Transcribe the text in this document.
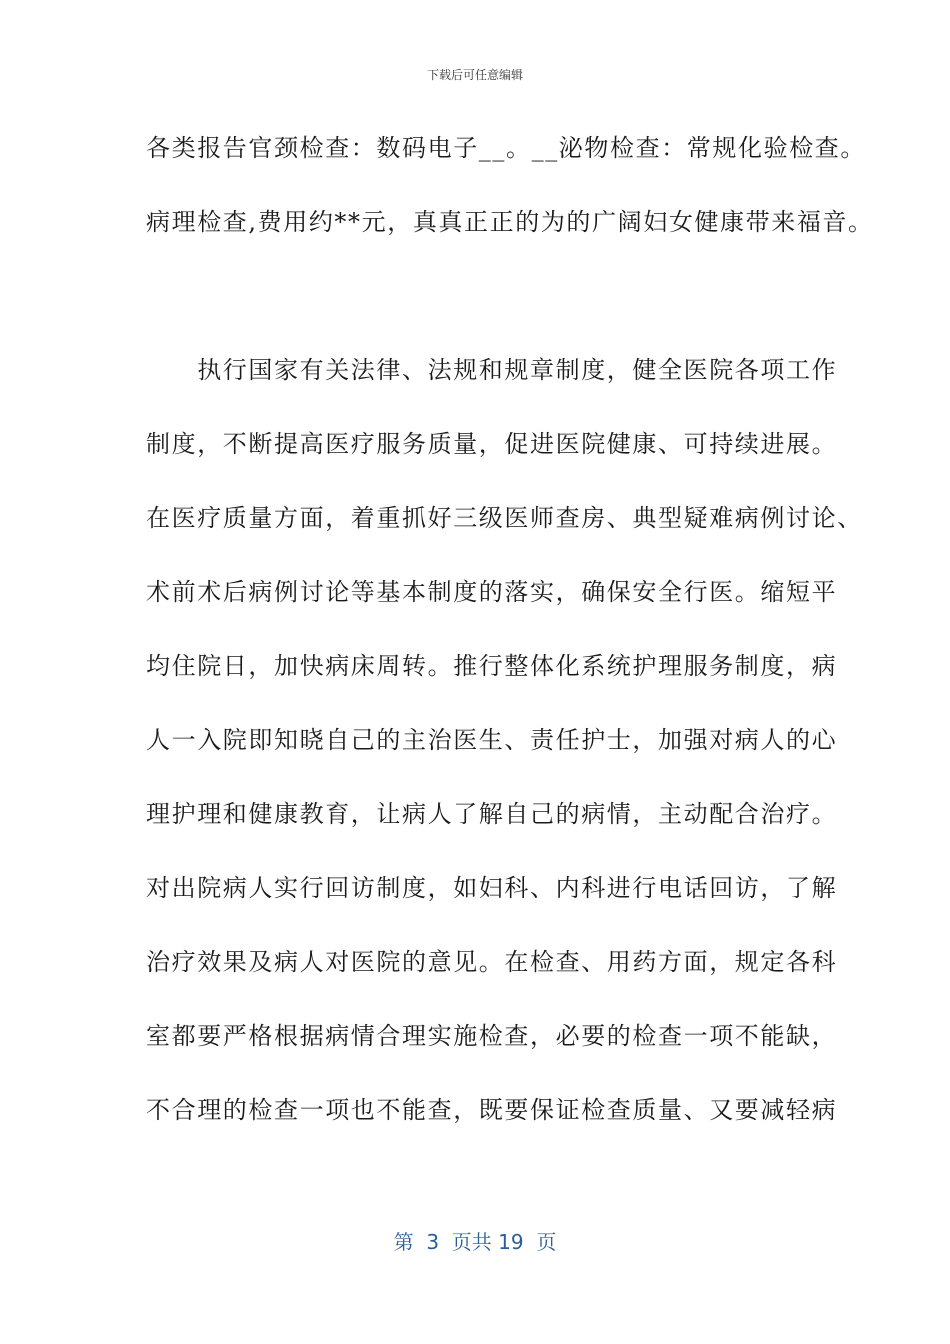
下载后可任意编辑
各类报告官颈检查：数码电子__。__泌物检查：常规化验检查。
病理检查,费用约**元，真真正正的为的广阔妇女健康带来福音。
　　执行国家有关法律、法规和规章制度，健全医院各项工作
制度，不断提高医疗服务质量，促进医院健康、可持续进展。
在医疗质量方面，着重抓好三级医师查房、典型疑难病例讨论、
术前术后病例讨论等基本制度的落实，确保安全行医。缩短平
均住院日，加快病床周转。推行整体化系统护理服务制度，病
人一入院即知晓自己的主治医生、责任护士，加强对病人的心
理护理和健康教育，让病人了解自己的病情，主动配合治疗。
对出院病人实行回访制度，如妇科、内科进行电话回访，了解
治疗效果及病人对医院的意见。在检查、用药方面，规定各科
室都要严格根据病情合理实施检查，必要的检查一项不能缺，
不合理的检查一项也不能查，既要保证检查质量、又要减轻病
第  3  页共 19  页
